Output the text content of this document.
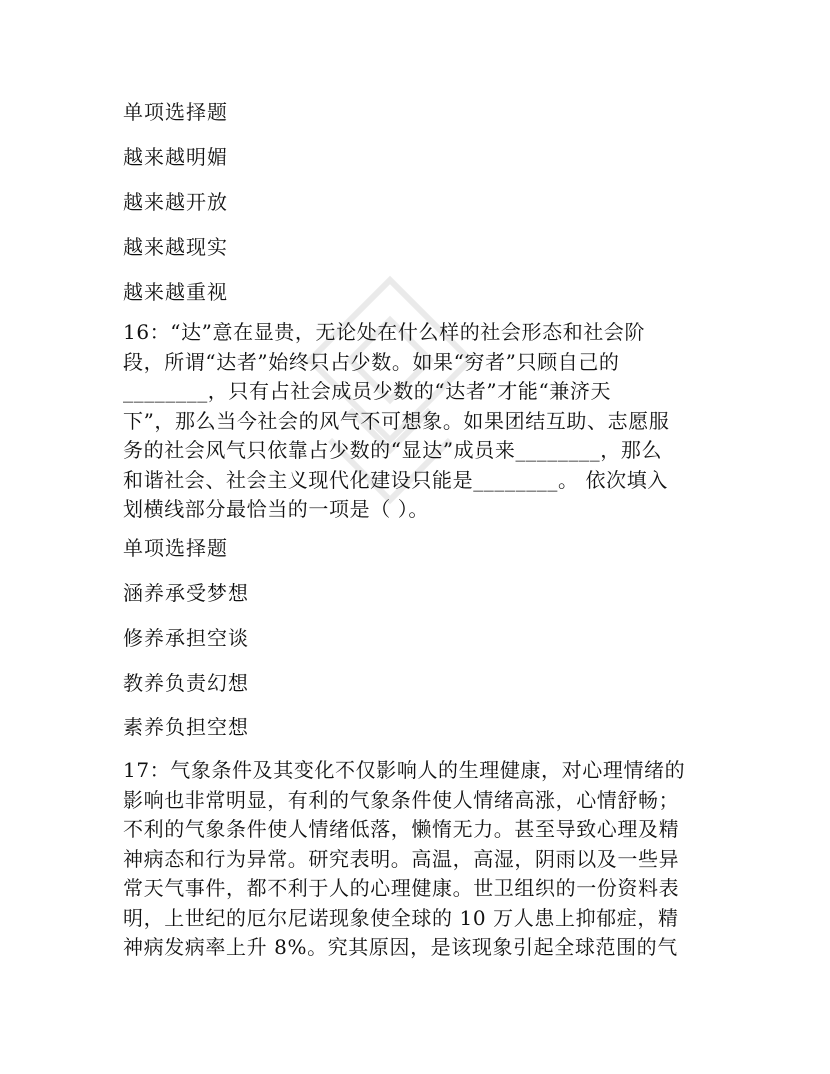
单项选择题
越来越明媚
越来越开放
越来越现实
越来越重视
16：“达”意在显贵，无论处在什么样的社会形态和社会阶
段，所谓“达者”始终只占少数。如果“穷者”只顾自己的
________，只有占社会成员少数的“达者”才能“兼济天
下”，那么当今社会的风气不可想象。如果团结互助、志愿服
务的社会风气只依靠占少数的“显达”成员来________，那么
和谐社会、社会主义现代化建设只能是________。 依次填入
划横线部分最恰当的一项是（ ）。
单项选择题
涵养承受梦想
修养承担空谈
教养负责幻想
素养负担空想
17：气象条件及其变化不仅影响人的生理健康，对心理情绪的
影响也非常明显，有利的气象条件使人情绪高涨，心情舒畅；
不利的气象条件使人情绪低落，懒惰无力。甚至导致心理及精
神病态和行为异常。研究表明。高温，高湿，阴雨以及一些异
常天气事件，都不利于人的心理健康。世卫组织的一份资料表
明，上世纪的厄尔尼诺现象使全球的 10 万人患上抑郁症，精
神病发病率上升 8%。究其原因，是该现象引起全球范围的气
